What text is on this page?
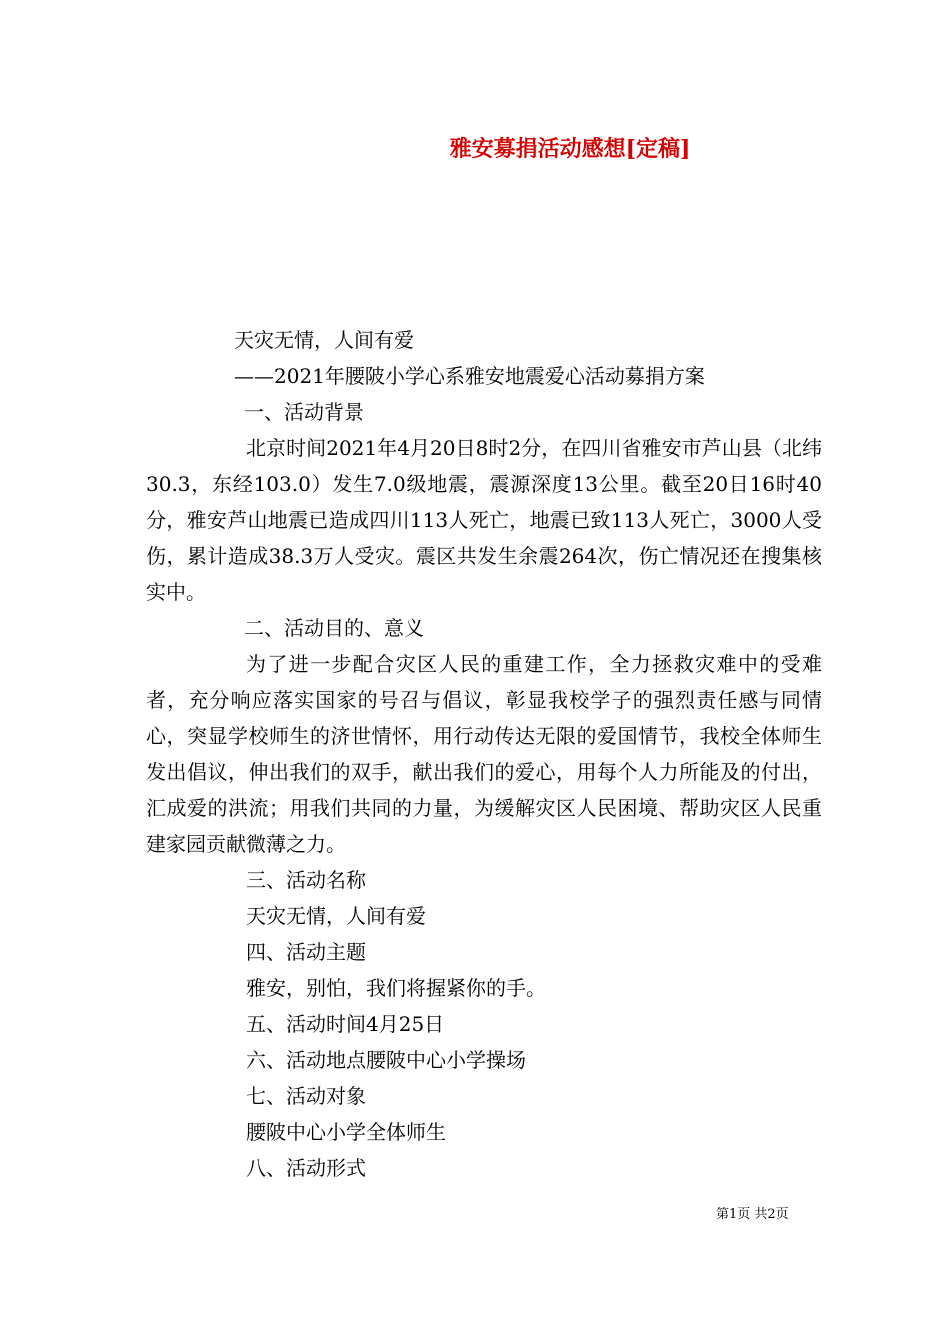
雅安募捐活动感想[定稿]
天灾无情，人间有爱
——2021年腰陂小学心系雅安地震爱心活动募捐方案
一、活动背景

北京时间2021年4月20日8时2分，在四川省雅安市芦山县（北纬30.3，东经103.0）发生7.0级地震，震源深度13公里。截至20日16时40分，雅安芦山地震已造成四川113人死亡，地震已致113人死亡，3000人受伤，累计造成38.3万人受灾。震区共发生余震264次，伤亡情况还在搜集核实中。

二、活动目的、意义

为了进一步配合灾区人民的重建工作，全力拯救灾难中的受难者，充分响应落实国家的号召与倡议，彰显我校学子的强烈责任感与同情心，突显学校师生的济世情怀，用行动传达无限的爱国情节，我校全体师生发出倡议，伸出我们的双手，献出我们的爱心，用每个人力所能及的付出，汇成爱的洪流；用我们共同的力量，为缓解灾区人民困境、帮助灾区人民重建家园贡献微薄之力。

三、活动名称
天灾无情，人间有爱
四、活动主题
雅安，别怕，我们将握紧你的手。
五、活动时间4月25日
六、活动地点腰陂中心小学操场
七、活动对象
腰陂中心小学全体师生
八、活动形式
第1页 共2页
